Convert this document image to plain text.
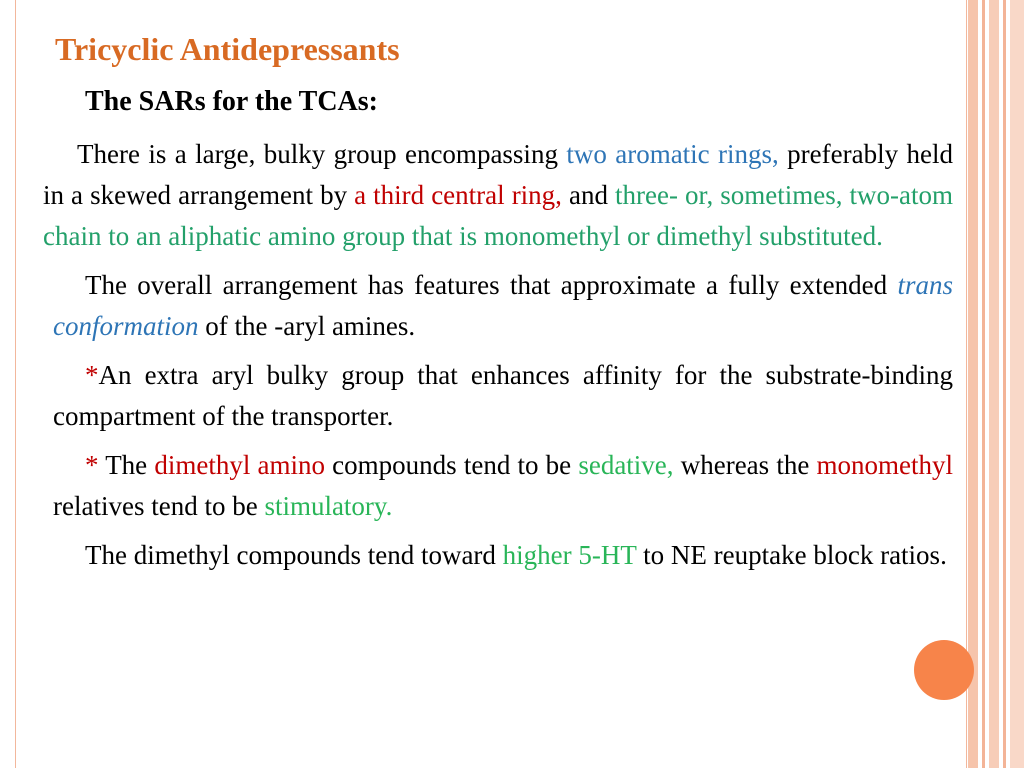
Tricyclic Antidepressants
The SARs for the TCAs:

There is a large, bulky group encompassing two aromatic rings, preferably held in a skewed arrangement by a third central ring, and three- or, sometimes, two-atom chain to an aliphatic amino group that is monomethyl or dimethyl substituted.

The overall arrangement has features that approximate a fully extended trans conformation of the -aryl amines.

*An extra aryl bulky group that enhances affinity for the substrate-binding compartment of the transporter.

* The dimethyl amino compounds tend to be sedative, whereas the monomethyl relatives tend to be stimulatory.

The dimethyl compounds tend toward higher 5-HT to NE reuptake block ratios.
